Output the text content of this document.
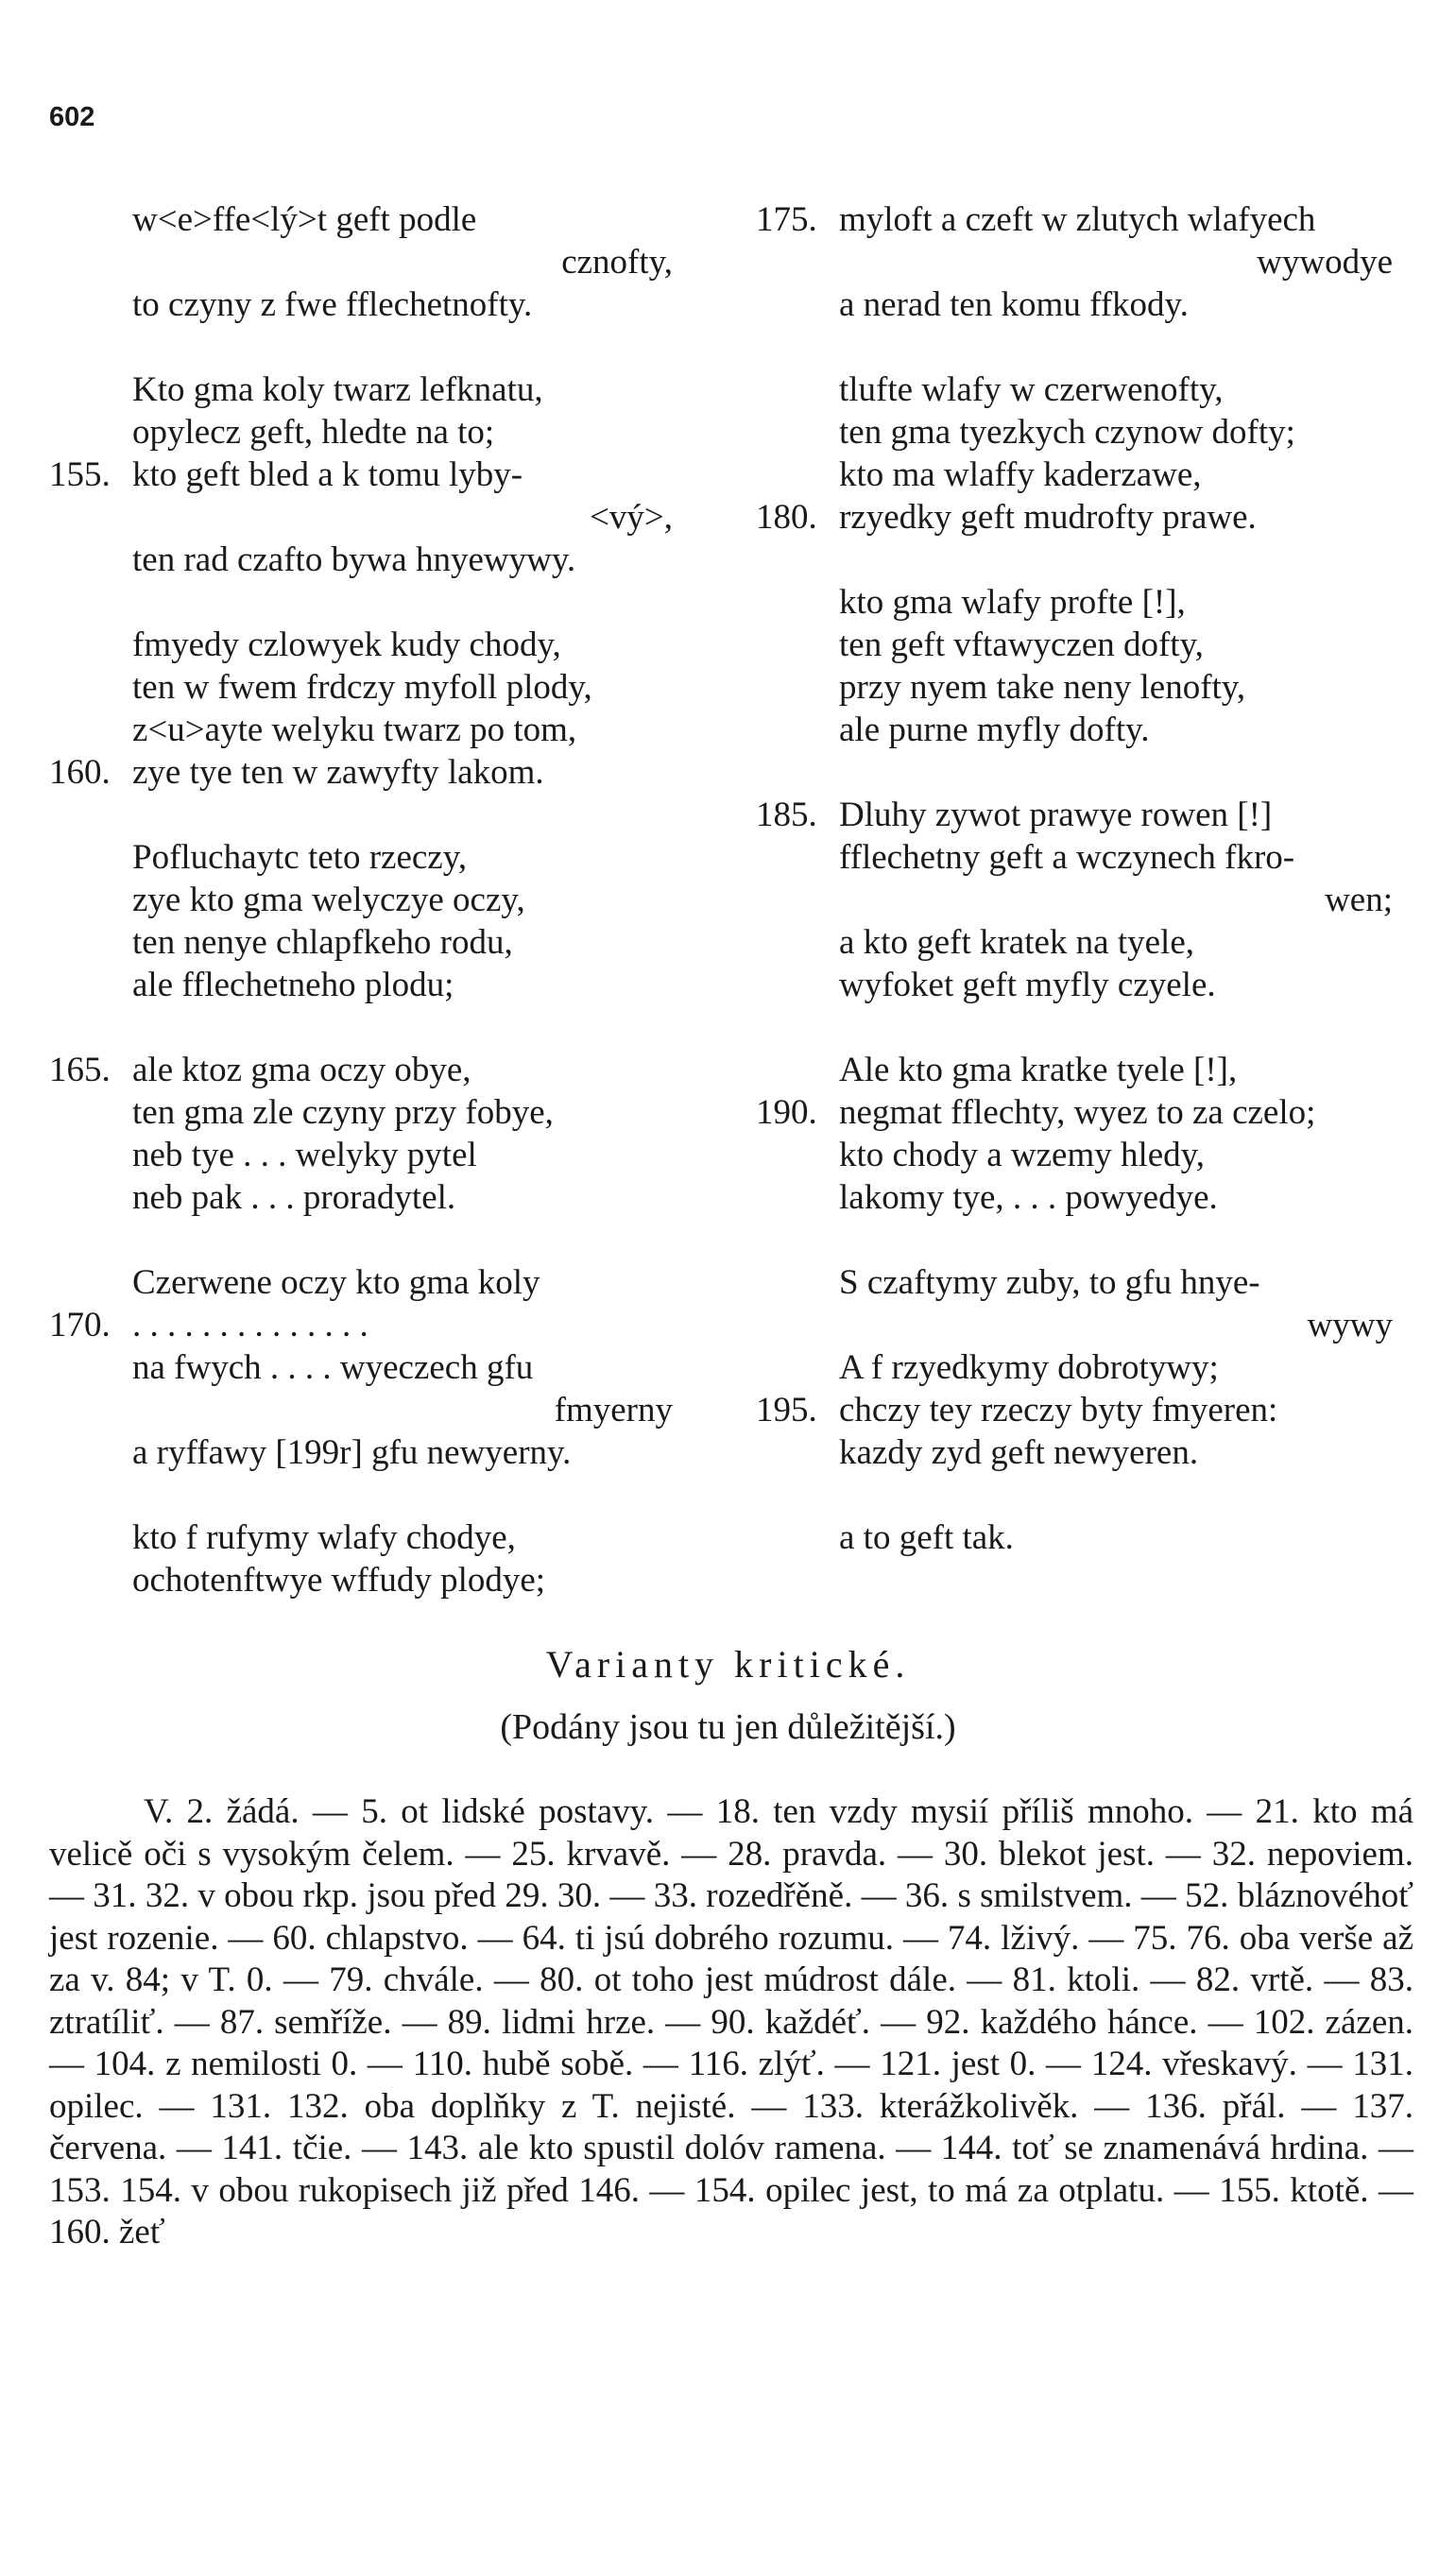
602
w<e>ffe<lý>t geft podle
cznofty,
to czyny z fwe fflechetnofty.
Kto gma koly twarz lefknatu,
opylecz geft, hledte na to;
155. kto geft bled a k tomu lyby-
<vý>,
ten rad czafto bywa hnyewywy.
fmyedy czlowyek kudy chody,
ten w fwem frdczy myfoll plody,
z<u>ayte welyku twarz po tom,
160. zye tye ten w zawyfty lakom.
Pofluchaytc teto rzeczy,
zye kto gma welyczye oczy,
ten nenye chlapfkeho rodu,
ale fflechetneho plodu;
165. ale ktoz gma oczy obye,
ten gma zle czyny przy fobye,
neb tye . . . welyky pytel
neb pak . . . proradytel.
Czerwene oczy kto gma koly
170. . . . . . . . . . . . . . .
na fwych . . . . wyeczech gfu
fmyerny
a ryffawy [199r] gfu newyerny.
kto f rufymy wlafy chodye,
ochotenftwye wffudy plodye;
175. myloft a czeft w zlutych wlafyech
wywodye
a nerad ten komu ffkody.
tlufte wlafy w czerwenofty,
ten gma tyezkych czynow dofty;
kto ma wlaffy kaderzawe,
180. rzyedky geft mudrofty prawe.
kto gma wlafy profte [!],
ten geft vftawyczen dofty,
przy nyem take neny lenofty,
ale purne myfly dofty.
185. Dluhy zywot prawye rowen [!]
fflechetny geft a wczynech fkro-
wen;
a kto geft kratek na tyele,
wyfoket geft myfly czyele.
Ale kto gma kratke tyele [!],
190. negmat fflechty, wyez to za czelo;
kto chody a wzemy hledy,
lakomy tye, . . . powyedye.
S czaftymy zuby, to gfu hnye-
wywy
A f rzyedkymy dobrotywy;
195. chczy tey rzeczy byty fmyeren:
kazdy zyd geft newyeren.
a to geft tak.
Varianty kritické.
(Podány jsou tu jen důležitější.)
V. 2. žádá. — 5. ot lidské postavy. — 18. ten vzdy mysií příliš mnoho. — 21. kto má velicě oči s vysokým čelem. — 25. krvavě. — 28. pravda. — 30. blekot jest. — 32. nepoviem. — 31. 32. v obou rkp. jsou před 29. 30. — 33. rozedřěně. — 36. s smilstvem. — 52. bláznovéhoť jest rozenie. — 60. chlapstvo. — 64. ti jsú dobrého rozumu. — 74. lživý. — 75. 76. oba verše až za v. 84; v T. 0. — 79. chvále. — 80. ot toho jest múdrost dále. — 81. ktoli. — 82. vrtě. — 83. ztratíliť. — 87. semříže. — 89. lidmi hrze. — 90. každéť. — 92. každého hánce. — 102. zázen. — 104. z nemilosti 0. — 110. hubě sobě. — 116. zlýť. — 121. jest 0. — 124. vřeskavý. — 131. opilec. — 131. 132. oba doplňky z T. nejisté. — 133. kterážkolivěk. — 136. přál. — 137. červena. — 141. tčie. — 143. ale kto spustil dolóv ramena. — 144. toť se znamenává hrdina. — 153. 154. v obou rukopisech již před 146. — 154. opilec jest, to má za otplatu. — 155. ktotě. — 160. žeť
